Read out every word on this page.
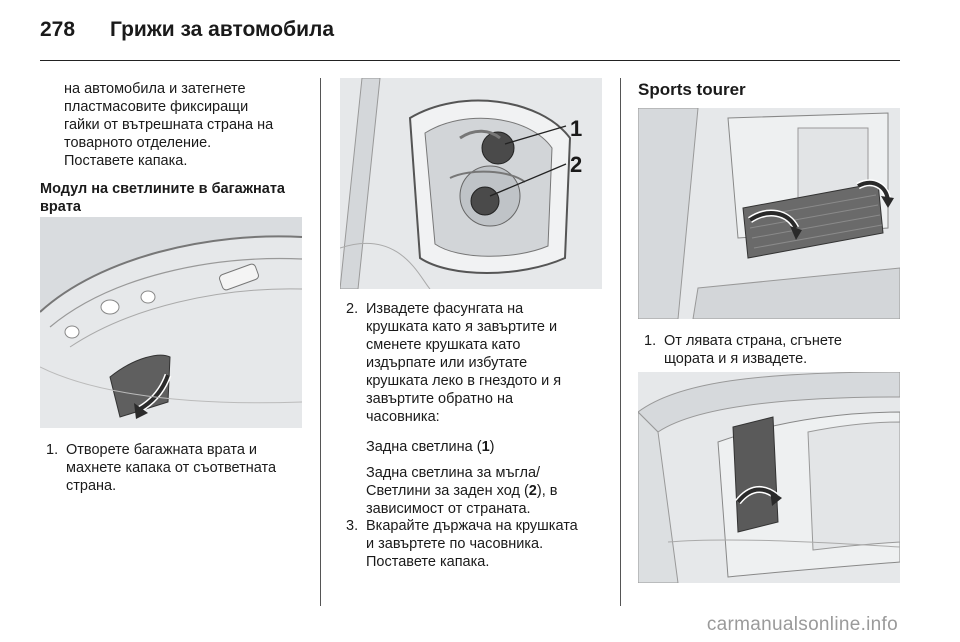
278 Грижи за автомобила
на автомобила и затегнете
пластмасовите фиксиращи
гайки от вътрешната страна на
товарното отделение.
Поставете капака.
Модул на светлините в багажната
врата
1. Отворете багажната врата и
махнете капака от съответната
страна.
1
2
2. Извадете фасунгата на
крушката като я завъртите и
сменете крушката като
издърпате или избутате
крушката леко в гнездото и я
завъртите обратно на
часовника:
Задна светлина (1)
Задна светлина за мъгла/
Светлини за заден ход (2), в
зависимост от страната.
3. Вкарайте държача на крушката
и завъртете по часовника.
Поставете капака.
Sports tourer
1. От лявата страна, сгънете
щората и я извадете.
carmanualsonline.info
